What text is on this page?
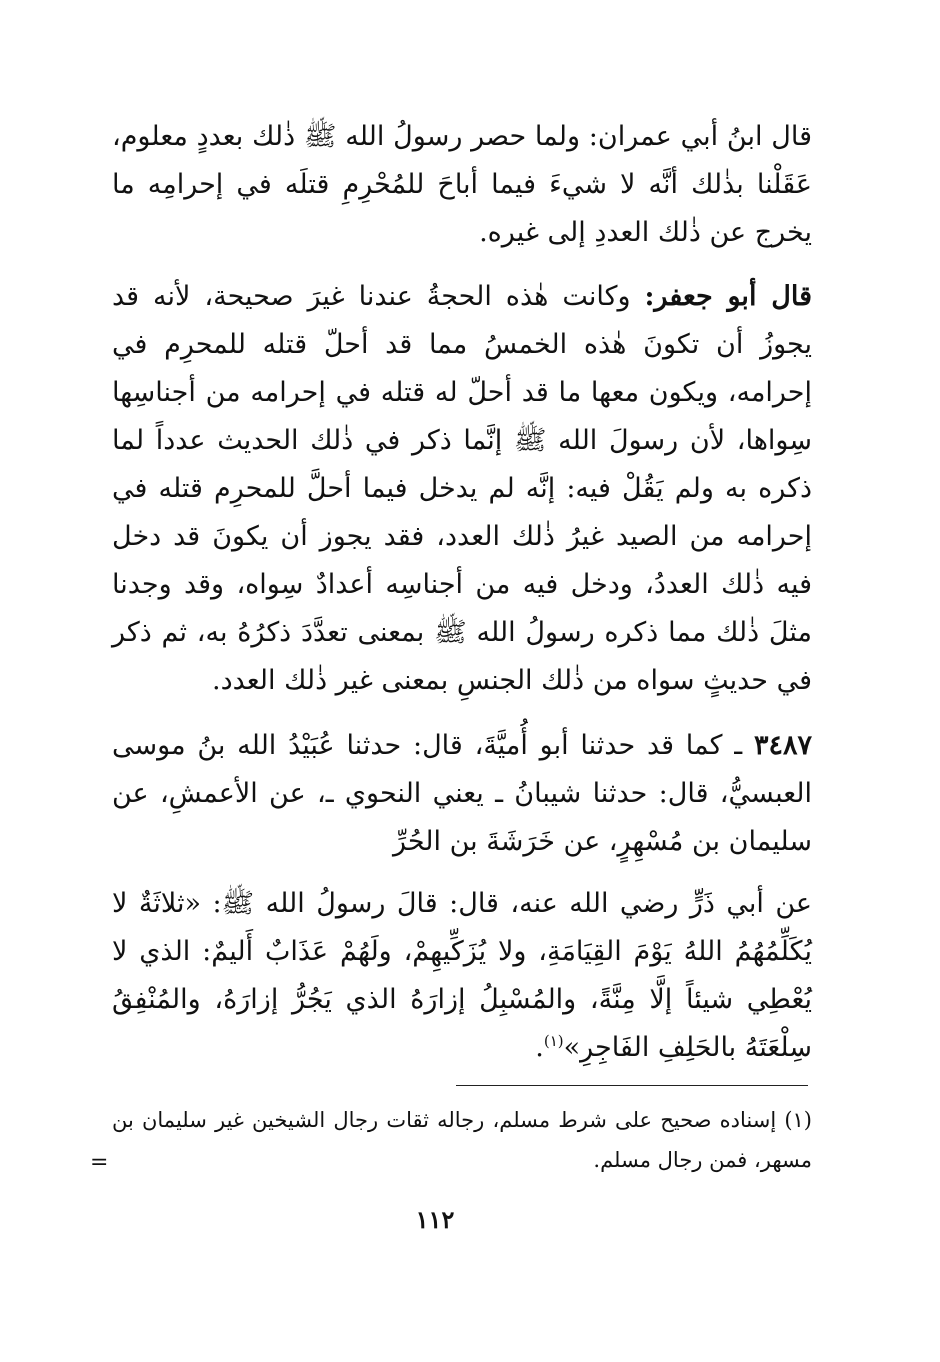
قال ابنُ أبي عمران: ولما حصر رسولُ الله ﷺ ذٰلك بعددٍ معلوم، عَقَلْنا بذٰلك أنَّه لا شيءَ فيما أباحَ للمُحْرِمِ قتلَه في إحرامِه ما يخرج عن ذٰلك العددِ إلى غيره.

قال أبو جعفر: وكانت هٰذه الحجةُ عندنا غيرَ صحيحة، لأنه قد يجوزُ أن تكونَ هٰذه الخمسُ مما قد أحلّ قتله للمحرِم في إحرامه، ويكون معها ما قد أحلّ له قتله في إحرامه من أجناسِها سِواها، لأن رسولَ الله ﷺ إنَّما ذكر في ذٰلك الحديث عدداً لما ذكره به ولم يَقُلْ فيه: إنَّه لم يدخل فيما أحلَّ للمحرِم قتله في إحرامه من الصيد غيرُ ذٰلك العدد، فقد يجوز أن يكونَ قد دخل فيه ذٰلك العددُ، ودخل فيه من أجناسِه أعدادٌ سِواه، وقد وجدنا مثلَ ذٰلك مما ذكره رسولُ الله ﷺ بمعنى تعدَّدَ ذكرُهُ به، ثم ذكر في حديثٍ سواه من ذٰلك الجنسِ بمعنى غير ذٰلك العدد.

٣٤٨٧ ـ كما قد حدثنا أبو أُميَّةَ، قال: حدثنا عُبَيْدُ الله بنُ موسى العبسيُّ، قال: حدثنا شيبانُ ـ يعني النحوي ـ، عن الأعمشِ، عن سليمان بن مُسْهِرٍ، عن خَرَشَةَ بن الحُرِّ

عن أبي ذَرٍّ رضي الله عنه، قال: قالَ رسولُ الله ﷺ: «ثلاثَةٌ لا يُكَلِّمُهُمُ اللهُ يَوْمَ القِيَامَةِ، ولا يُزَكِّيهِمْ، ولَهُمْ عَذَابٌ أَليمٌ: الذي لا يُعْطِي شيئاً إلَّا مِنَّةً، والمُسْبِلُ إزارَهُ الذي يَجُرُّ إزارَهُ، والمُنْفِقُ سِلْعَتَهُ بالحَلِفِ الفَاجِرِ»$^{(١)}$.

(١) إسناده صحيح على شرط مسلم، رجاله ثقات رجال الشيخين غير سليمان بن مسهر، فمن رجال مسلم.

=
١١٢
